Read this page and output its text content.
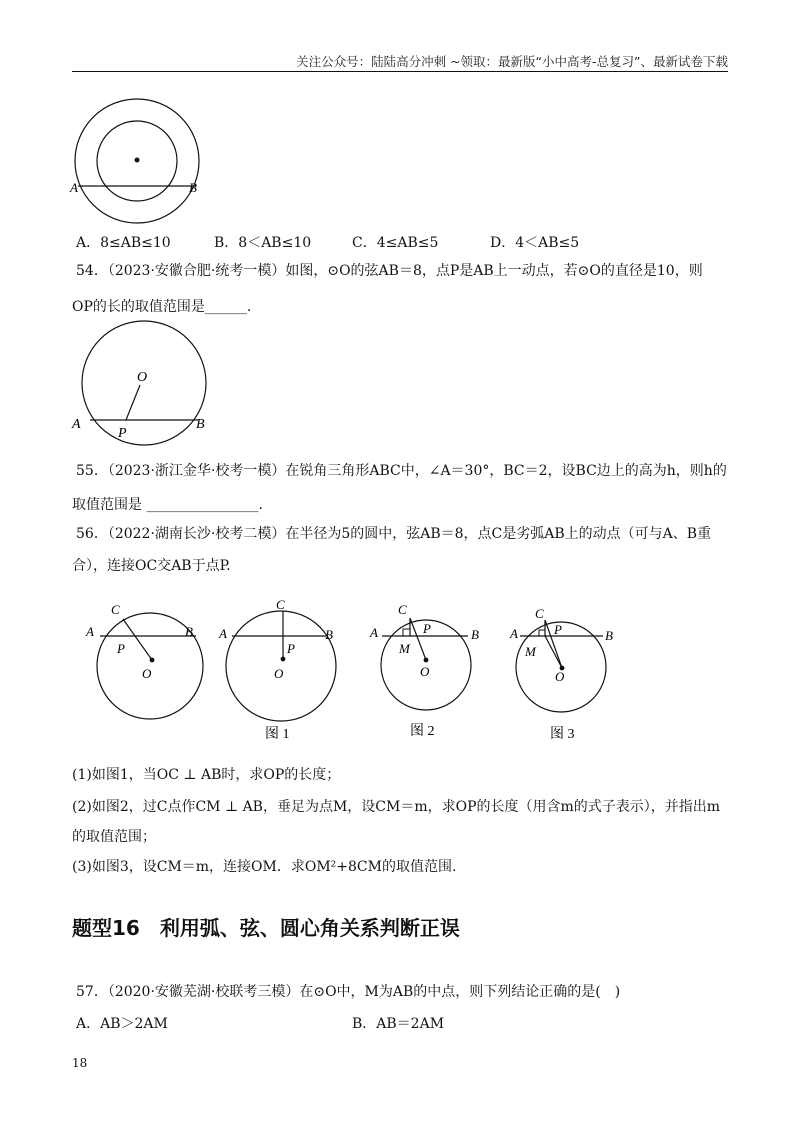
关注公众号：陆陆高分冲刺 ~领取：最新版“小中高考-总复习”、最新试卷下载
A	B
A．8≤AB≤10	B．8＜AB≤10	C．4≤AB≤5	D．4＜AB≤5
54．（2023·安徽合肥·统考一模）如图，⊙O的弦AB＝8，点P是AB上一动点，若⊙O的直径是10，则
OP的长的取值范围是______.
O
A	B
P
55．（2023·浙江金华·校考一模）在锐角三角形ABC中，∠A＝30°，BC＝2，设BC边上的高为h，则h的
取值范围是 ________________.
56．（2022·湖南长沙·校考二模）在半径为5的圆中，弦AB＝8，点C是劣弧AB上的动点（可与A、B重
合），连接OC交AB于点P.
C
A	B
P
O
C
A	B
P
O
C
A	B
P
M
O
C
A	B
P
M
O
图 1	图 2	图 3
(1)如图1，当OC ⊥ AB时，求OP的长度；
(2)如图2，过C点作CM ⊥ AB，垂足为点M，设CM＝m，求OP的长度（用含m的式子表示），并指出m
的取值范围；
(3)如图3，设CM＝m，连接OM．求OM²+8CM的取值范围.
题型16　利用弧、弦、圆心角关系判断正误
57．（2020·安徽芜湖·校联考三模）在⊙O中，M为AB的中点，则下列结论正确的是(　)
A．AB＞2AM	B．AB＝2AM
18
